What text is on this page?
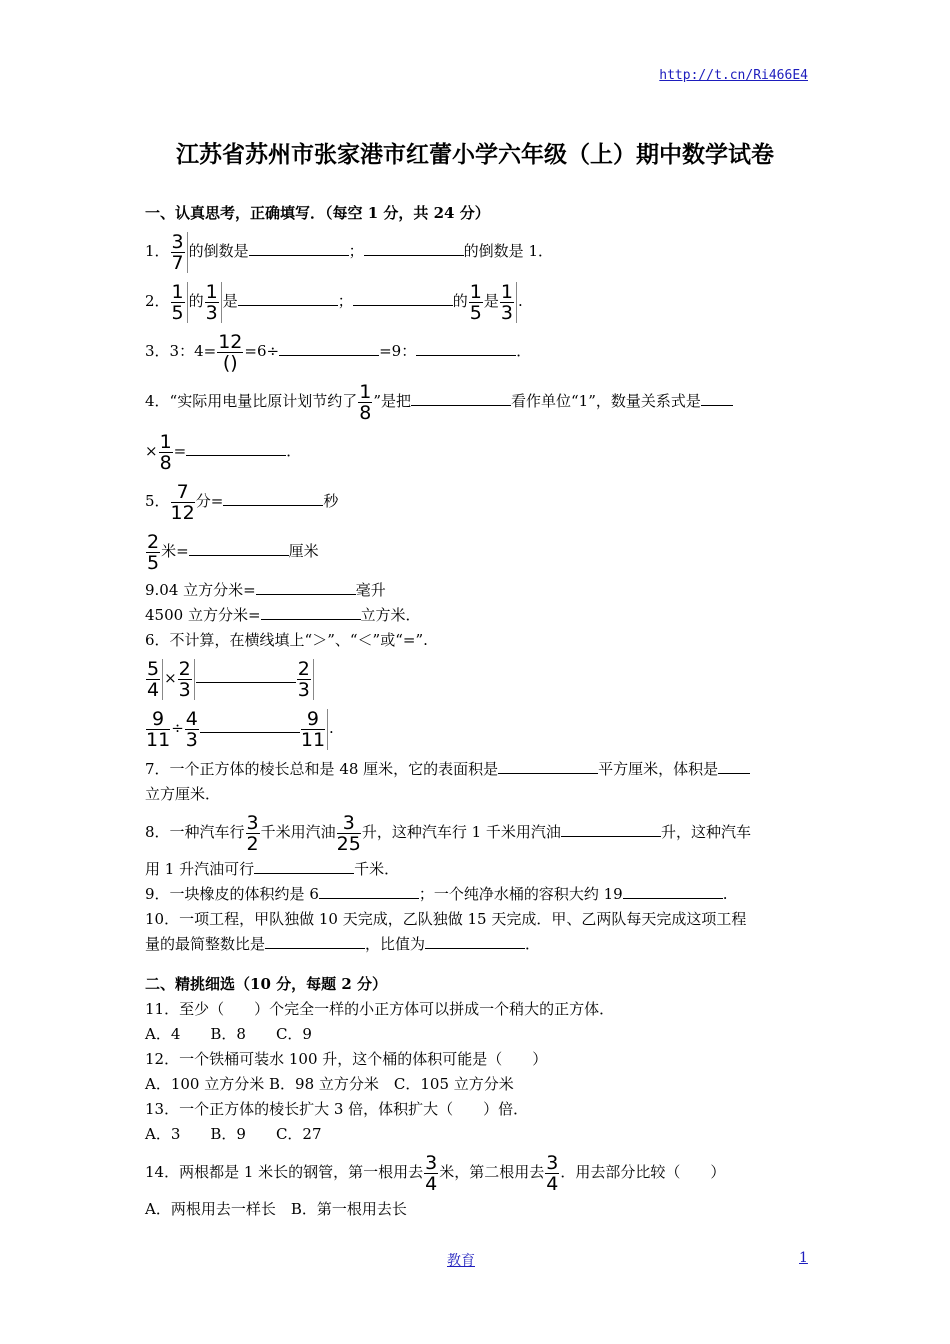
http://t.cn/Ri466E4
江苏省苏州市张家港市红蕾小学六年级（上）期中数学试卷

一、认真思考，正确填写．（每空 1 分，共 24 分）

1． $\frac{3}{7}$ 的倒数是	；	的倒数是 1．

2． $\frac{1}{5}$ 的 $\frac{1}{3}$ 是	；	的 $\frac{1}{5}$ 是 $\frac{1}{3}$ .

3．3：$4= \frac{12}{()} =6\div$	=9：	．

4．“实际用电量比原计划节约了 $\frac{1}{8}$ ”是把	看作单位“1”，数量关系式是

× $\frac{1}{8}$ =	．

5． $\frac{7}{12}$ 分=	秒

$\frac{2}{5}$ 米=	厘米

9.04 立方分米=	毫升

4500 立方分米=	立方米．

6．不计算，在横线填上“＞”、“＜”或“=”.

$\frac{5}{4} \times \frac{2}{3}$	$\frac{2}{3}$

$\frac{9}{11} \div \frac{4}{3}$	$\frac{9}{11}$ .

7．一个正方体的棱长总和是 48 厘米，它的表面积是	平方厘米，体积是

立方厘米．

8．一种汽车行 $\frac{3}{2}$ 千米用汽油 $\frac{3}{25}$ 升，这种汽车行 1 千米用汽油	升，这种汽车

用 1 升汽油可行	千米．

9．一块橡皮的体积约是 6	；一个纯净水桶的容积大约 19	.

10．一项工程，甲队独做 10 天完成，乙队独做 15 天完成．甲、乙两队每天完成这项工程

量的最简整数比是	，比值为	．

二、精挑细选（10 分，每题 2 分）

11．至少（　　）个完全一样的小正方体可以拼成一个稍大的正方体．

A．4　　B．8　　C．9

12．一个铁桶可装水 100 升，这个桶的体积可能是（　　）

A．100 立方分米 B．98 立方分米　C．105 立方分米

13．一个正方体的棱长扩大 3 倍，体积扩大（　　）倍．

A．3　　B．9　　C．27

14．两根都是 1 米长的钢管，第一根用去 $\frac{3}{4}$ 米，第二根用去 $\frac{3}{4}$ ．用去部分比较（　　）

A．两根用去一样长　B．第一根用去长

教育	1
